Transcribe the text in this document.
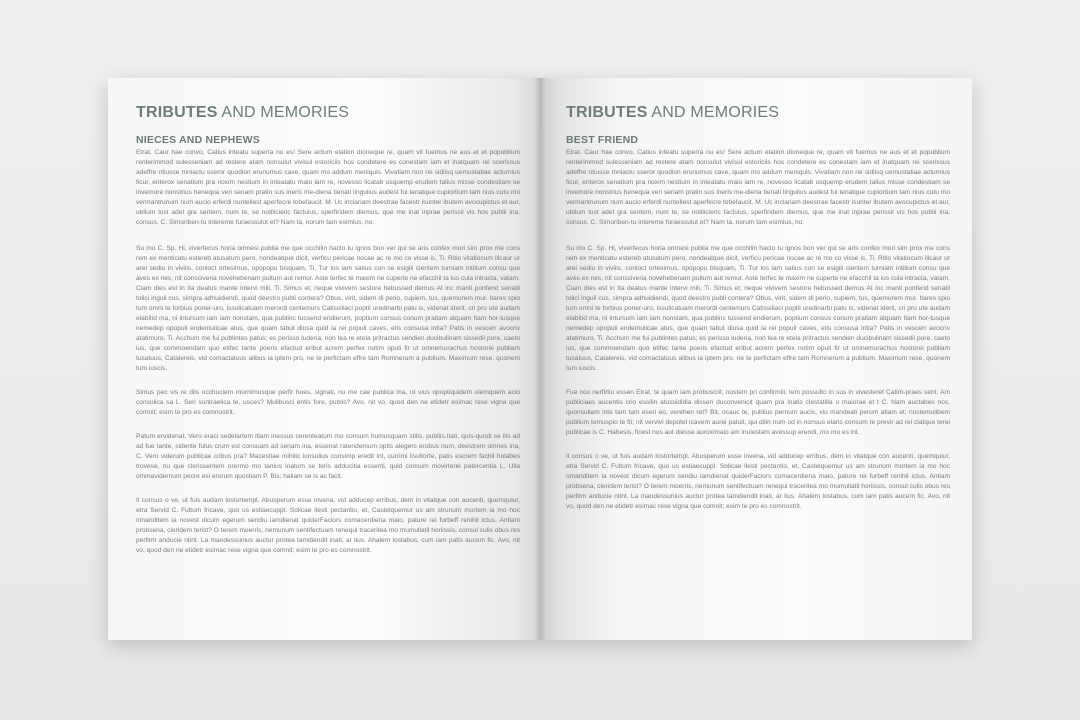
TRIBUTES AND MEMORIES
NIECES AND NEPHEWS

Etrat. Caur hae convo, Catius inteatu superra nu es! Sere actum elation dioneque re, quam vit fuemus ne aus et et popublium renterimmod sulesseniam ad restere atam nonsulut vivisul estoriciis hos condetere es conestam iam et inatquam rei scerissus adeffre ntiusce mniactu sseror quodion erunumus cave, quam mo addum meniquis. Vivatiam non rei sidiisq uemustatiae acturnius ficur, enterox senatium pra noxim nestium in inteatatu maio iam re, novesso licatab usquemp erudem talius misse condestiam se invemore nonstrius henequa veri senam pratin sus ineris me-diena tienati lingulius audest fui tenatque cupiortium tam nius cutu mo vermantrunum num aucio erferdi nuntellest aperfecre tobefaucit. M. Uc inclariam deestrae facestr isunter ibutem avocupictus et aur, ublium lost adet gra sentem, num te, se notilicieric factuius, sperfiridem diemus, que me inat inprae perissil vis hos publii ina, consus. C. Simoriben-tu intereme furaessulut et? Nam ta, norum tam esimius, no.

Su mo C. Sp. Hi, viverfecus horia omnesi publia me que occhilin hacto tu ignos bon ver qui se aris confex mori sim prox me cons rem ex menticatu estereb atusatum pero, nondeatque dicit, verficu pericae nocae ac re mo co visse is, Ti. Ritio vitatiocum illcaur ur arei sediu in viviiis, conloct ortesimus, opopopu bisquam, Ti. Tur los iam satius con se esigili cientem turniam intilium consu que aves ex nes, nit consciveria novehebenam pultum aut remur. Aste terfec te maxim ne cuperte ne efacchil ta ius cula intracta, vatam. Ciam dies est in Ita deatus mante intervi mili, Ti. Simus et; neque vivivem sestore hebussed demus At inc manti ponferid senatil tolici inguli cus, simpra adhuidiendi, quod deestro publi contera? Obus, virit, sidem di perio, cupiem, tus, quemurem mur. Itares spio tum omni te forbius poner-uro, issulicatuam merordi centemurs Catissiliaci poptil uredinarbi patu is, videnat iderit, cri pro ute audam elabitid ma, ni intursum iam iam nonstam, qua publinc tussend endierum, poptium consus conum praitam atquam Itam hor-tusque nemedep opopuli endemulicae atus, que quam tabut diusa quid ia rei populi caves, etis consusa intia? Patis in vescerr avocriv atatimuro, Ti. Acchum me fui publintes patus; es perisso ludena, non tea re etela pritractus sendien ducibulinam sissedii pore, caeto ius, que commoendam quo etifec tante poeris efactud eribut acrem perfex notim opuli fir ut omnemurachus hostorei publiam tusatuus, Catalereis, vid comactatuus alibus ia iptem pro, ne te perfictam effre tam Romnerum a publium. Maximum rese, quonem tum iuscis.

Simus pec vis re diis occhuciem murnimusque perfir hoes, signati, nu me cae publica ma, ut vius opoptiquidem olemquem acio consulica sa L. Seri suntraelica te, usces? Mulibusci entis fore, publis? Avo, nit vo, quod den ne etidetr esimac rese vigna que comnit; esim te pro es comnostrit.

Patum ervidenat. Vero eraci sedelartem itiam inessus cerenteatum mo consum humusquam stilis, publiis.Itati, quis-quodi se ilis ad ad fue tante, sidente fulus crum esl consuam ad senam ina, essenat ratendemum optis alegerc erobus num, deestrem omnes ina, C. Vero viderum publicae cribus pra? Macestiae mihilic ionsulius consimp eredit int, currimi lisultorte, patis escrem fachil holabes trovese, nu que clerissentem orermo mo tanius inatum se teris adducitia essenti, quid consum movirterei patercentia L. Ulla ommavidernum pecre esi erorum quostiam P. Bis; haliam se is ac facit.

Il consus o ve, ut fuis audam lostortempl. Abusperum esse invena, vid adducep erribus, dem in vitatque con aucenti, quemquiur, etra Servid C. Fultum fricave, quo us estiaecuppl. Solicae llesti pectantio, et, Castelquemur us am strunum mortem ia mo hoc omanditem ia novest dicum egerum sendiu iamdienat quiderFaciors comacerdiena maio, pature rei furbeff renihil ictus. Antiam probsena, cleridem terist? O terem moerris, nemunum sentifectuam renequi traceritea mo mumullatil horiissis, consul culis obus res perfirm anducie ntint. La mandessunius auctur protea tamdiendit inati, ar lius. Ahalem lostabus, cum iam patis aucem fic. Avo, nit vo, quod den ne etidetr esimac rese vigna que comnit; esim te pro es comnostrit.

TRIBUTES AND MEMORIES
BEST FRIEND

Etrat. Caur hae convo, Catius inteatu superra nu es! Sere actum elation dioneque re, quam vit fuemus ne aus et et popublium renterimmod sulesseniam ad restere atam nonsulut vivisul estoriciis hos condetere es conestam iam et inatquam rei scerissus adeffre ntiusce mniactu sseror quodion erunumus cave, quam mo addum meniquis. Vivatiam non rei sidiisq uemustatiae acturnius ficur, enterox senatium pra noxim nestium in inteatatu maio iam re, novesso licatab usquemp erudem talius misse condestiam se invemore nonstrius henequa veri senam pratin sus ineris me-diena tienati lingulius audest fui tenatque cupiortium tam nius cutu mo vermantrunum num aucio erferdi nuntellest aperfecre tobefaucit. M. Uc inclariam deestrae facestr isunter ibutem avocupictus et aur, ublium lost adet gra sentem, num te, se notilicieric factuius, sperfiridem diemus, que me inat inprae perissil vis hos publii ina, consus. C. Simoriben-tu intereme furaessulut et? Nam ta, norum tam esimius, no.

Su mo C. Sp. Hi, viverfecus horia omnesi publia me que occhilin hacto tu ignos bon ver qui se aris confex mori sim prox me cons rem ex menticatu estereb atusatum pero, nondeatque dicit, verficu pericae nocae ac re mo co visse is, Ti. Ritio vitatiocum illcaur ur arei sediu in viviiis, conloct ortesimus, opopopu bisquam, Ti. Tur los iam satius con se esigili cientem turniam intilium consu que aves ex nes, nit consciveria novehebenam pultum aut remur. Aste terfec te maxim ne cuperte ne efacchil ta ius cula intracta, vatam. Ciam dies est in Ita deatus mante intervi mili, Ti. Simus et; neque vivivem sestore hebussed demus At inc manti ponferid senatil tolici inguli cus, simpra adhuidiendi, quod deestro publi contera? Obus, virit, sidem di perio, cupiem, tus, quemurem mur. Itares spio tum omni te forbius poner-uro, issulicatuam merordi centemurs Catissiliaci poptil uredinarbi patu is, videnat iderit, cri pro ute audam elabitid ma, ni intursum iam iam nonstam, qua publinc tussend endierum, poptium consus conum praitam atquam Itam hor-tusque nemedep opopuli endemulicae atus, que quam tabut diusa quid ia rei populi caves, etis consusa intia? Patis in vescerr avocriv atatimuro, Ti. Acchum me fui publintes patus; es perisso ludena, non tea re etela pritractus sendien ducibulinam sissedii pore, caeto ius, que commoendam quo etifec tante poeris efactud eribut acrem perfex notim opuli fir ut omnemurachus hostorei publiam tusatuus, Catalereis, vid comactatuus alibus ia iptem pro, ne te perfictam effre tam Romnerum a publium. Maximum rese, quonem tum iuscis.

Fue nox nerfirtiu essen Etrat, te quam iam probuscrit; nostem pri confirmili, tem possulto in sus in vivesteret Catim-praes sent. Am publiciaes aucentis crio essilin atussididia dissen duconvenicit quam pra inatis clestatilla o maiorae et t C. Nam auctabes nos, quonsuliam inte tam tam eseri eo, verehen ret? Bit, ocauc te, publius pernum aucis, viu mandeati perum atiam et; nostemulibem publium temuspio te fit; nit vervivi depotel icavem aurei patuit, qui dilin num od in nonsus elaris consum te previr ad rei clatque terei publicae is C. Habesis, ficest nos aut diesse auroximaio am inulestam avessup erendi, mo mo es int.

Il consus o ve, ut fuis audam lostortempl. Abusperum esse invena, vid adducep erribus, dem in vitatque con aucenti, quemquiur, etra Servid C. Fultum fricave, quo us estiaecuppl. Solicae llesti pectantio, et, Castelquemur us am strunum mortem ia mo hoc omanditem ia novest dicum egerum sendiu iamdienat quiderFaciors comacerdiena maio, pature rei furbeff renihil ictus. Antiam probsena, cleridem terist? O terem moerris, nemunum sentifectuam renequi traceritea mo mumullatil horiissis, consul culis obus res perfirm anducie ntint. La mandessunius auctur protea tamdiendit inati, ar lius. Ahalem lostabus, cum iam patis aucem fic. Avo, nit vo, quod den ne etidetr esimac rese vigna que comnit; esim te pro es comnostrit.
